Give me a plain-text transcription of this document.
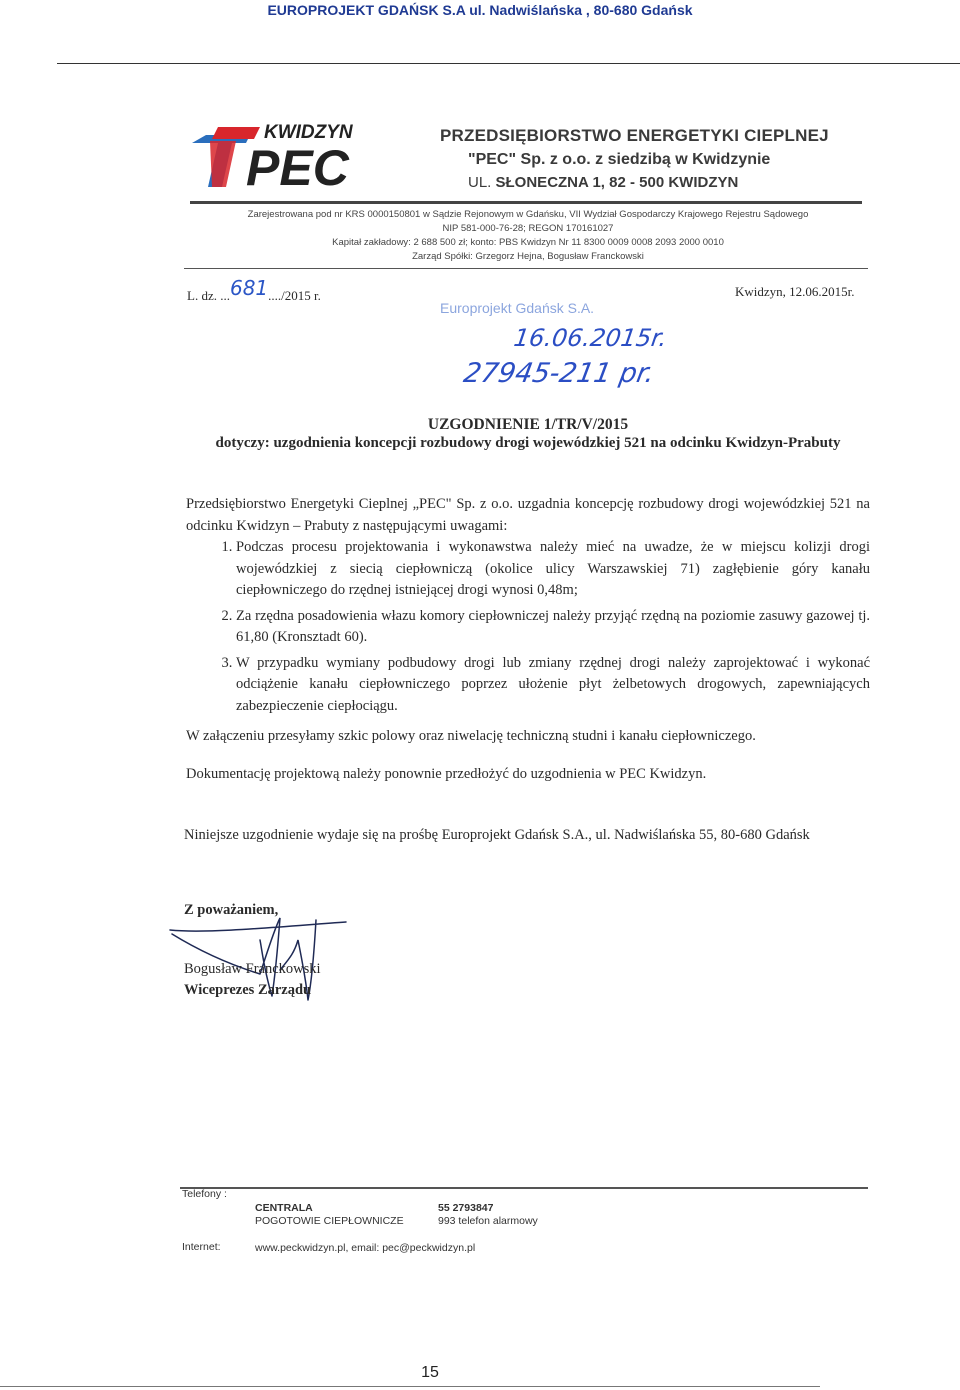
EUROPROJEKT GDAŃSK S.A ul. Nadwiślańska , 80-680 Gdańsk
KWIDZYN
PEC
PRZEDSIĘBIORSTWO ENERGETYKI CIEPLNEJ
"PEC" Sp. z o.o. z siedzibą w Kwidzynie
UL. SŁONECZNA 1, 82 - 500 KWIDZYN
Zarejestrowana pod nr KRS 0000150801 w Sądzie Rejonowym w Gdańsku, VII Wydział Gospodarczy Krajowego Rejestru Sądowego
NIP 581-000-76-28; REGON 170161027
Kapitał zakładowy: 2 688 500 zł; konto: PBS Kwidzyn Nr 11 8300 0009 0008 2093 2000 0010
Zarząd Spółki: Grzegorz Hejna, Bogusław Franckowski
L. dz. ...681..../2015 r.	Kwidzyn, 12.06.2015r.
Europrojekt Gdańsk S.A.
16.06.2015r.
27945-211 pr.
UZGODNIENIE 1/TR/V/2015
dotyczy: uzgodnienia koncepcji rozbudowy drogi wojewódzkiej 521 na odcinku Kwidzyn-Prabuty

Przedsiębiorstwo Energetyki Cieplnej „PEC" Sp. z o.o. uzgadnia koncepcję rozbudowy drogi wojewódzkiej 521 na odcinku Kwidzyn – Prabuty z następującymi uwagami:

1. Podczas procesu projektowania i wykonawstwa należy mieć na uwadze, że w miejscu kolizji drogi wojewódzkiej z siecią ciepłowniczą (okolice ulicy Warszawskiej 71) zagłębienie góry kanału ciepłowniczego do rzędnej istniejącej drogi wynosi 0,48m;
2. Za rzędna posadowienia włazu komory ciepłowniczej należy przyjąć rzędną na poziomie zasuwy gazowej tj. 61,80 (Kronsztadt 60).
3. W przypadku wymiany podbudowy drogi lub zmiany rzędnej drogi należy zaprojektować i wykonać odciążenie kanału ciepłowniczego poprzez ułożenie płyt żelbetowych drogowych, zapewniających zabezpieczenie ciepłociągu.
W załączeniu przesyłamy szkic polowy oraz niwelację techniczną studni i kanału ciepłowniczego.
Dokumentację projektową należy ponownie przedłożyć do uzgodnienia w PEC Kwidzyn.
Niniejsze uzgodnienie wydaje się na prośbę Europrojekt Gdańsk S.A., ul. Nadwiślańska 55, 80-680 Gdańsk
Z poważaniem,
Bogusław Franckowski
Wiceprezes Zarządu
Telefony :
CENTRALA	55 2793847
POGOTOWIE CIEPŁOWNICZE	993 telefon alarmowy
Internet:	www.peckwidzyn.pl, email: pec@peckwidzyn.pl
15
